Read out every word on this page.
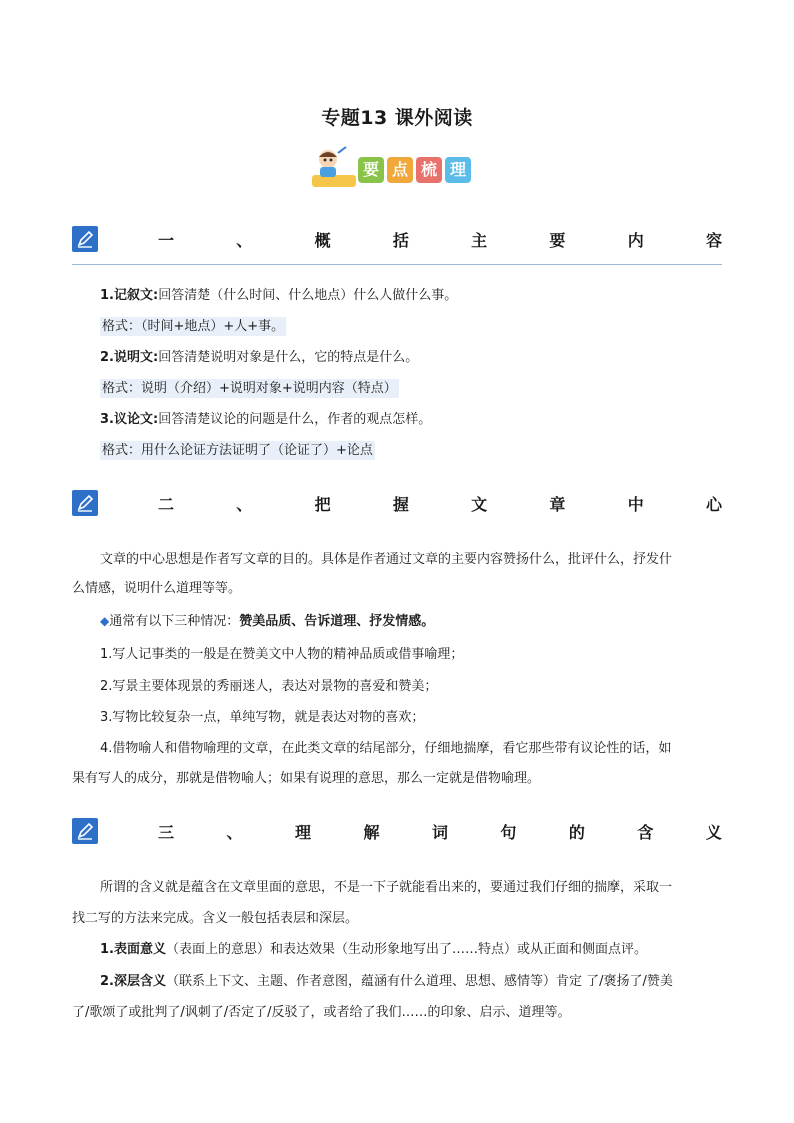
专题13 课外阅读
要 点 梳 理
一	、	概	括	主	要	内	容
1.记叙文:回答清楚（什么时间、什么地点）什么人做什么事。
格式：（时间+地点）+人+事。
2.说明文:回答清楚说明对象是什么，它的特点是什么。
格式：说明（介绍）+说明对象+说明内容（特点）
3.议论文:回答清楚议论的问题是什么，作者的观点怎样。
格式：用什么论证方法证明了（论证了）+论点
二	、	把	握	文	章	中	心
文章的中心思想是作者写文章的目的。具体是作者通过文章的主要内容赞扬什么，批评什么，抒发什
么情感，说明什么道理等等。
◆通常有以下三种情况：赞美品质、告诉道理、抒发情感。
1.写人记事类的一般是在赞美文中人物的精神品质或借事喻理；
2.写景主要体现景的秀丽迷人，表达对景物的喜爱和赞美；
3.写物比较复杂一点，单纯写物，就是表达对物的喜欢；
4.借物喻人和借物喻理的文章，在此类文章的结尾部分，仔细地揣摩，看它那些带有议论性的话，如
果有写人的成分，那就是借物喻人；如果有说理的意思，那么一定就是借物喻理。
三	、	理	解	词	句	的	含	义
所谓的含义就是蕴含在文章里面的意思，不是一下子就能看出来的，要通过我们仔细的揣摩，采取一
找二写的方法来完成。含义一般包括表层和深层。
1.表面意义（表面上的意思）和表达效果（生动形象地写出了……特点）或从正面和侧面点评。
2.深层含义（联系上下文、主题、作者意图，蕴涵有什么道理、思想、感情等）肯定 了/褒扬了/赞美
了/歌颂了或批判了/讽刺了/否定了/反驳了，或者给了我们……的印象、启示、道理等。
